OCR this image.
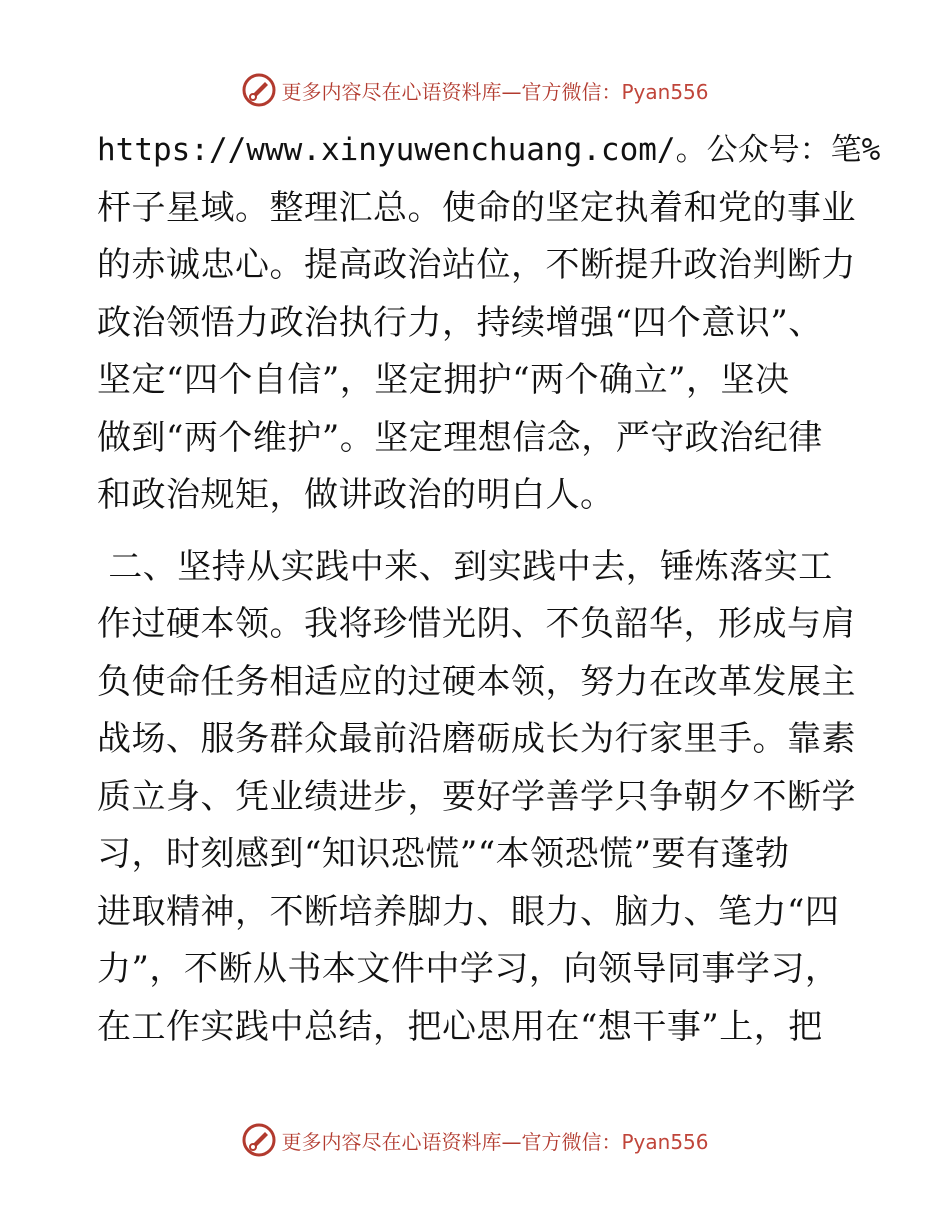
更多内容尽在心语资料库—官方微信：Pyan556
https://www.xinyuwenchuang.com/。公众号：笔%
杆子星域。整理汇总。使命的坚定执着和党的事业
的赤诚忠心。提高政治站位，不断提升政治判断力
政治领悟力政治执行力，持续增强“四个意识”、
坚定“四个自信”，坚定拥护“两个确立”，坚决
做到“两个维护”。坚定理想信念，严守政治纪律
和政治规矩，做讲政治的明白人。
二、坚持从实践中来、到实践中去，锤炼落实工
作过硬本领。我将珍惜光阴、不负韶华，形成与肩
负使命任务相适应的过硬本领，努力在改革发展主
战场、服务群众最前沿磨砺成长为行家里手。靠素
质立身、凭业绩进步，要好学善学只争朝夕不断学
习，时刻感到“知识恐慌”“本领恐慌”要有蓬勃
进取精神，不断培养脚力、眼力、脑力、笔力“四
力”，不断从书本文件中学习，向领导同事学习，
在工作实践中总结，把心思用在“想干事”上，把
更多内容尽在心语资料库—官方微信：Pyan556
